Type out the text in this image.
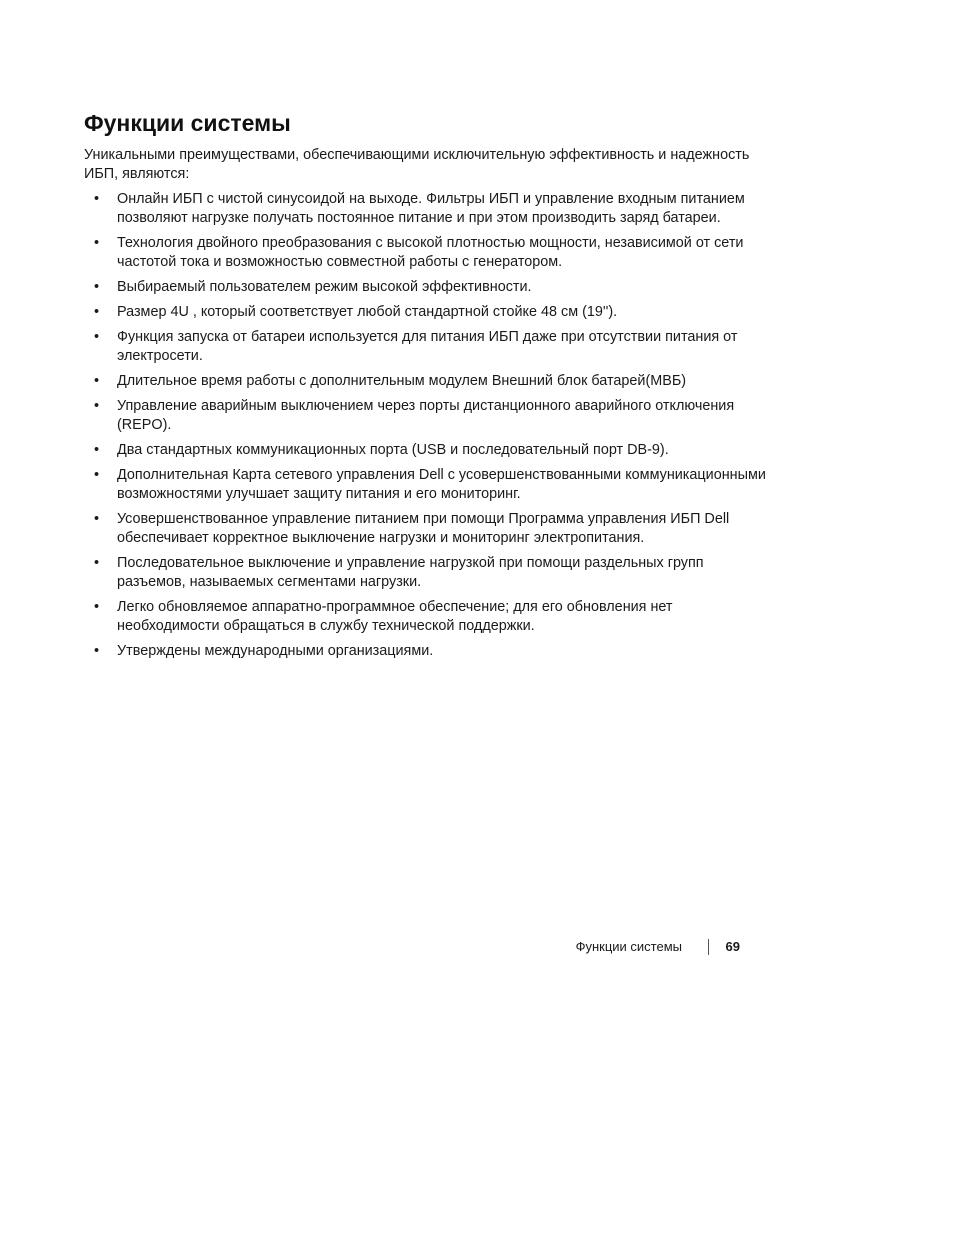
Функции системы

Уникальными преимуществами, обеспечивающими исключительную эффективность и надежность ИБП, являются:

• Онлайн ИБП с чистой синусоидой на выходе. Фильтры ИБП и управление входным питанием позволяют нагрузке получать постоянное питание и при этом производить заряд батареи.
• Технология двойного преобразования с высокой плотностью мощности, независимой от сети частотой тока и возможностью совместной работы с генератором.
• Выбираемый пользователем режим высокой эффективности.
• Размер 4U , который соответствует любой стандартной стойке 48 см (19'').
• Функция запуска от батареи используется для питания ИБП даже при отсутствии питания от электросети.
• Длительное время работы с дополнительным модулем Внешний блок батарей(МВБ)
• Управление аварийным выключением через порты дистанционного аварийного отключения (REPO).
• Два стандартных коммуникационных порта (USB и последовательный порт DB-9).
• Дополнительная Карта сетевого управления Dell с усовершенствованными коммуникационными возможностями улучшает защиту питания и его мониторинг.
• Усовершенствованное управление питанием при помощи Программа управления ИБП Dell обеспечивает корректное выключение нагрузки и мониторинг электропитания.
• Последовательное выключение и управление нагрузкой при помощи раздельных групп разъемов, называемых сегментами нагрузки.
• Легко обновляемое аппаратно-программное обеспечение; для его обновления нет необходимости обращаться в службу технической поддержки.
• Утверждены международными организациями.
Функции системы	69
